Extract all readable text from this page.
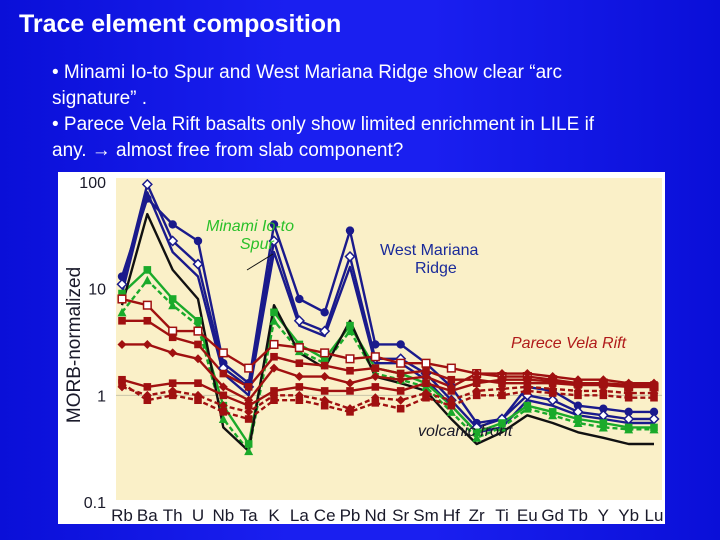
Trace element composition
• Minami Io-to Spur and West Mariana Ridge show clear “arc
signature” .
• Parece Vela Rift basalts only show limited enrichment in LILE if
any. → almost free from slab component?
100
10
1
0.1
Rb Ba Th U Nb Ta K La Ce Pb Nd Sr Sm Hf Zr Ti Eu Gd Tb Y Yb Lu
MORB-normalized
Minami Io-to
Spur	West Mariana
Ridge
Parece Vela Rift
volcanic front
